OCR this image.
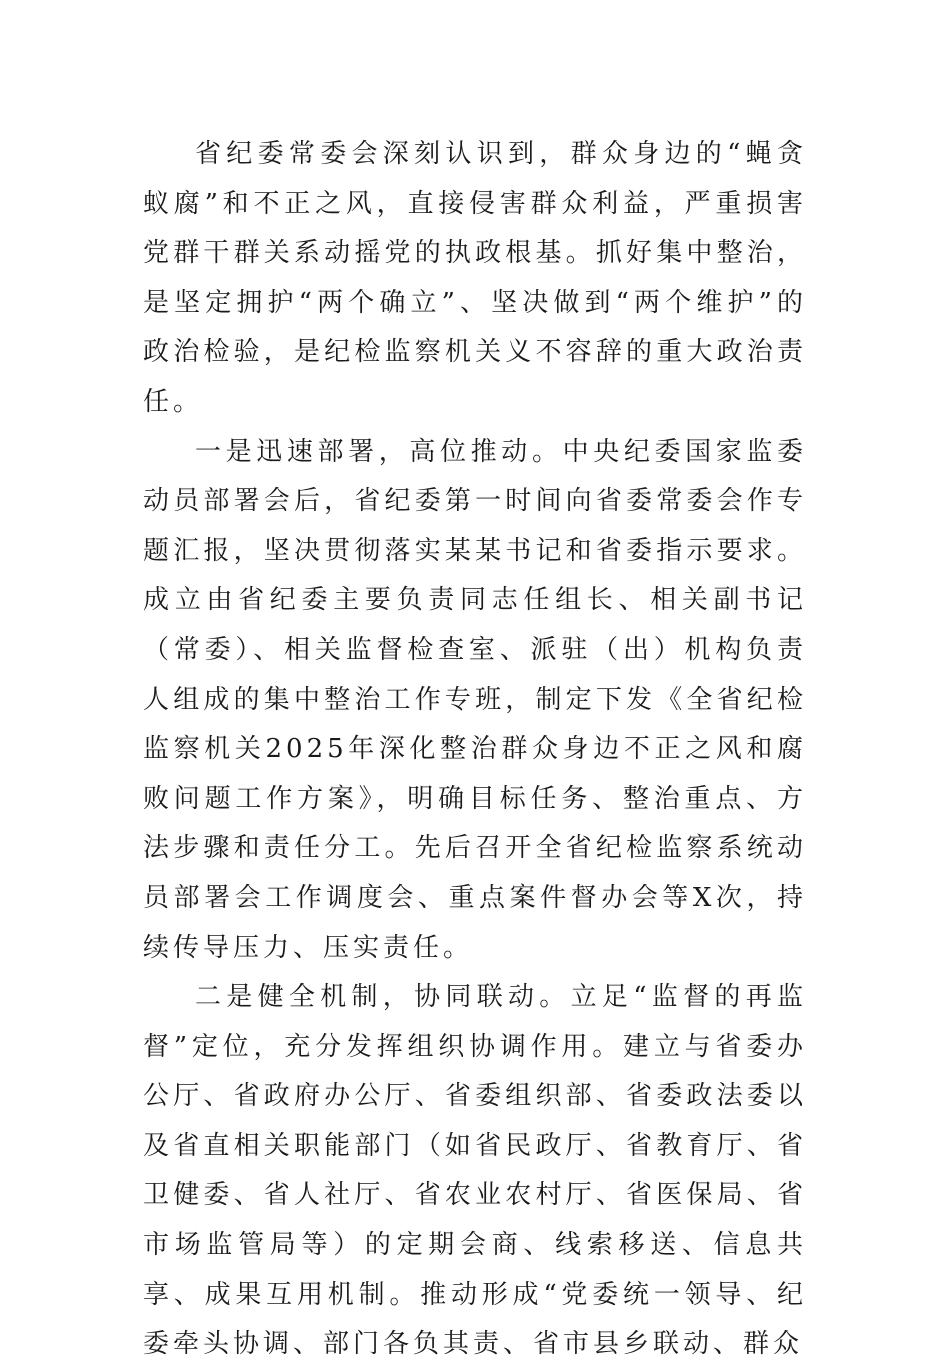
省纪委常委会深刻认识到，群众身边的“蝇贪蚁腐”和不正之风，直接侵害群众利益，严重损害党群干群关系动摇党的执政根基。抓好集中整治，是坚定拥护“两个确立”、坚决做到“两个维护”的政治检验，是纪检监察机关义不容辞的重大政治责任。

一是迅速部署，高位推动。中央纪委国家监委动员部署会后，省纪委第一时间向省委常委会作专题汇报，坚决贯彻落实某某书记和省委指示要求。成立由省纪委主要负责同志任组长、相关副书记（常委）、相关监督检查室、派驻（出）机构负责人组成的集中整治工作专班，制定下发《全省纪检监察机关2025年深化整治群众身边不正之风和腐败问题工作方案》，明确目标任务、整治重点、方法步骤和责任分工。先后召开全省纪检监察系统动员部署会工作调度会、重点案件督办会等X次，持续传导压力、压实责任。

二是健全机制，协同联动。立足“监督的再监督”定位，充分发挥组织协调作用。建立与省委办公厅、省政府办公厅、省委组织部、省委政法委以及省直相关职能部门（如省民政厅、省教育厅、省卫健委、省人社厅、省农业农村厅、省医保局、省市场监管局等）的定期会商、线索移送、信息共享、成果互用机制。推动形成“党委统一领导、纪委牵头协调、部门各负其责、省市县乡联动、群众
